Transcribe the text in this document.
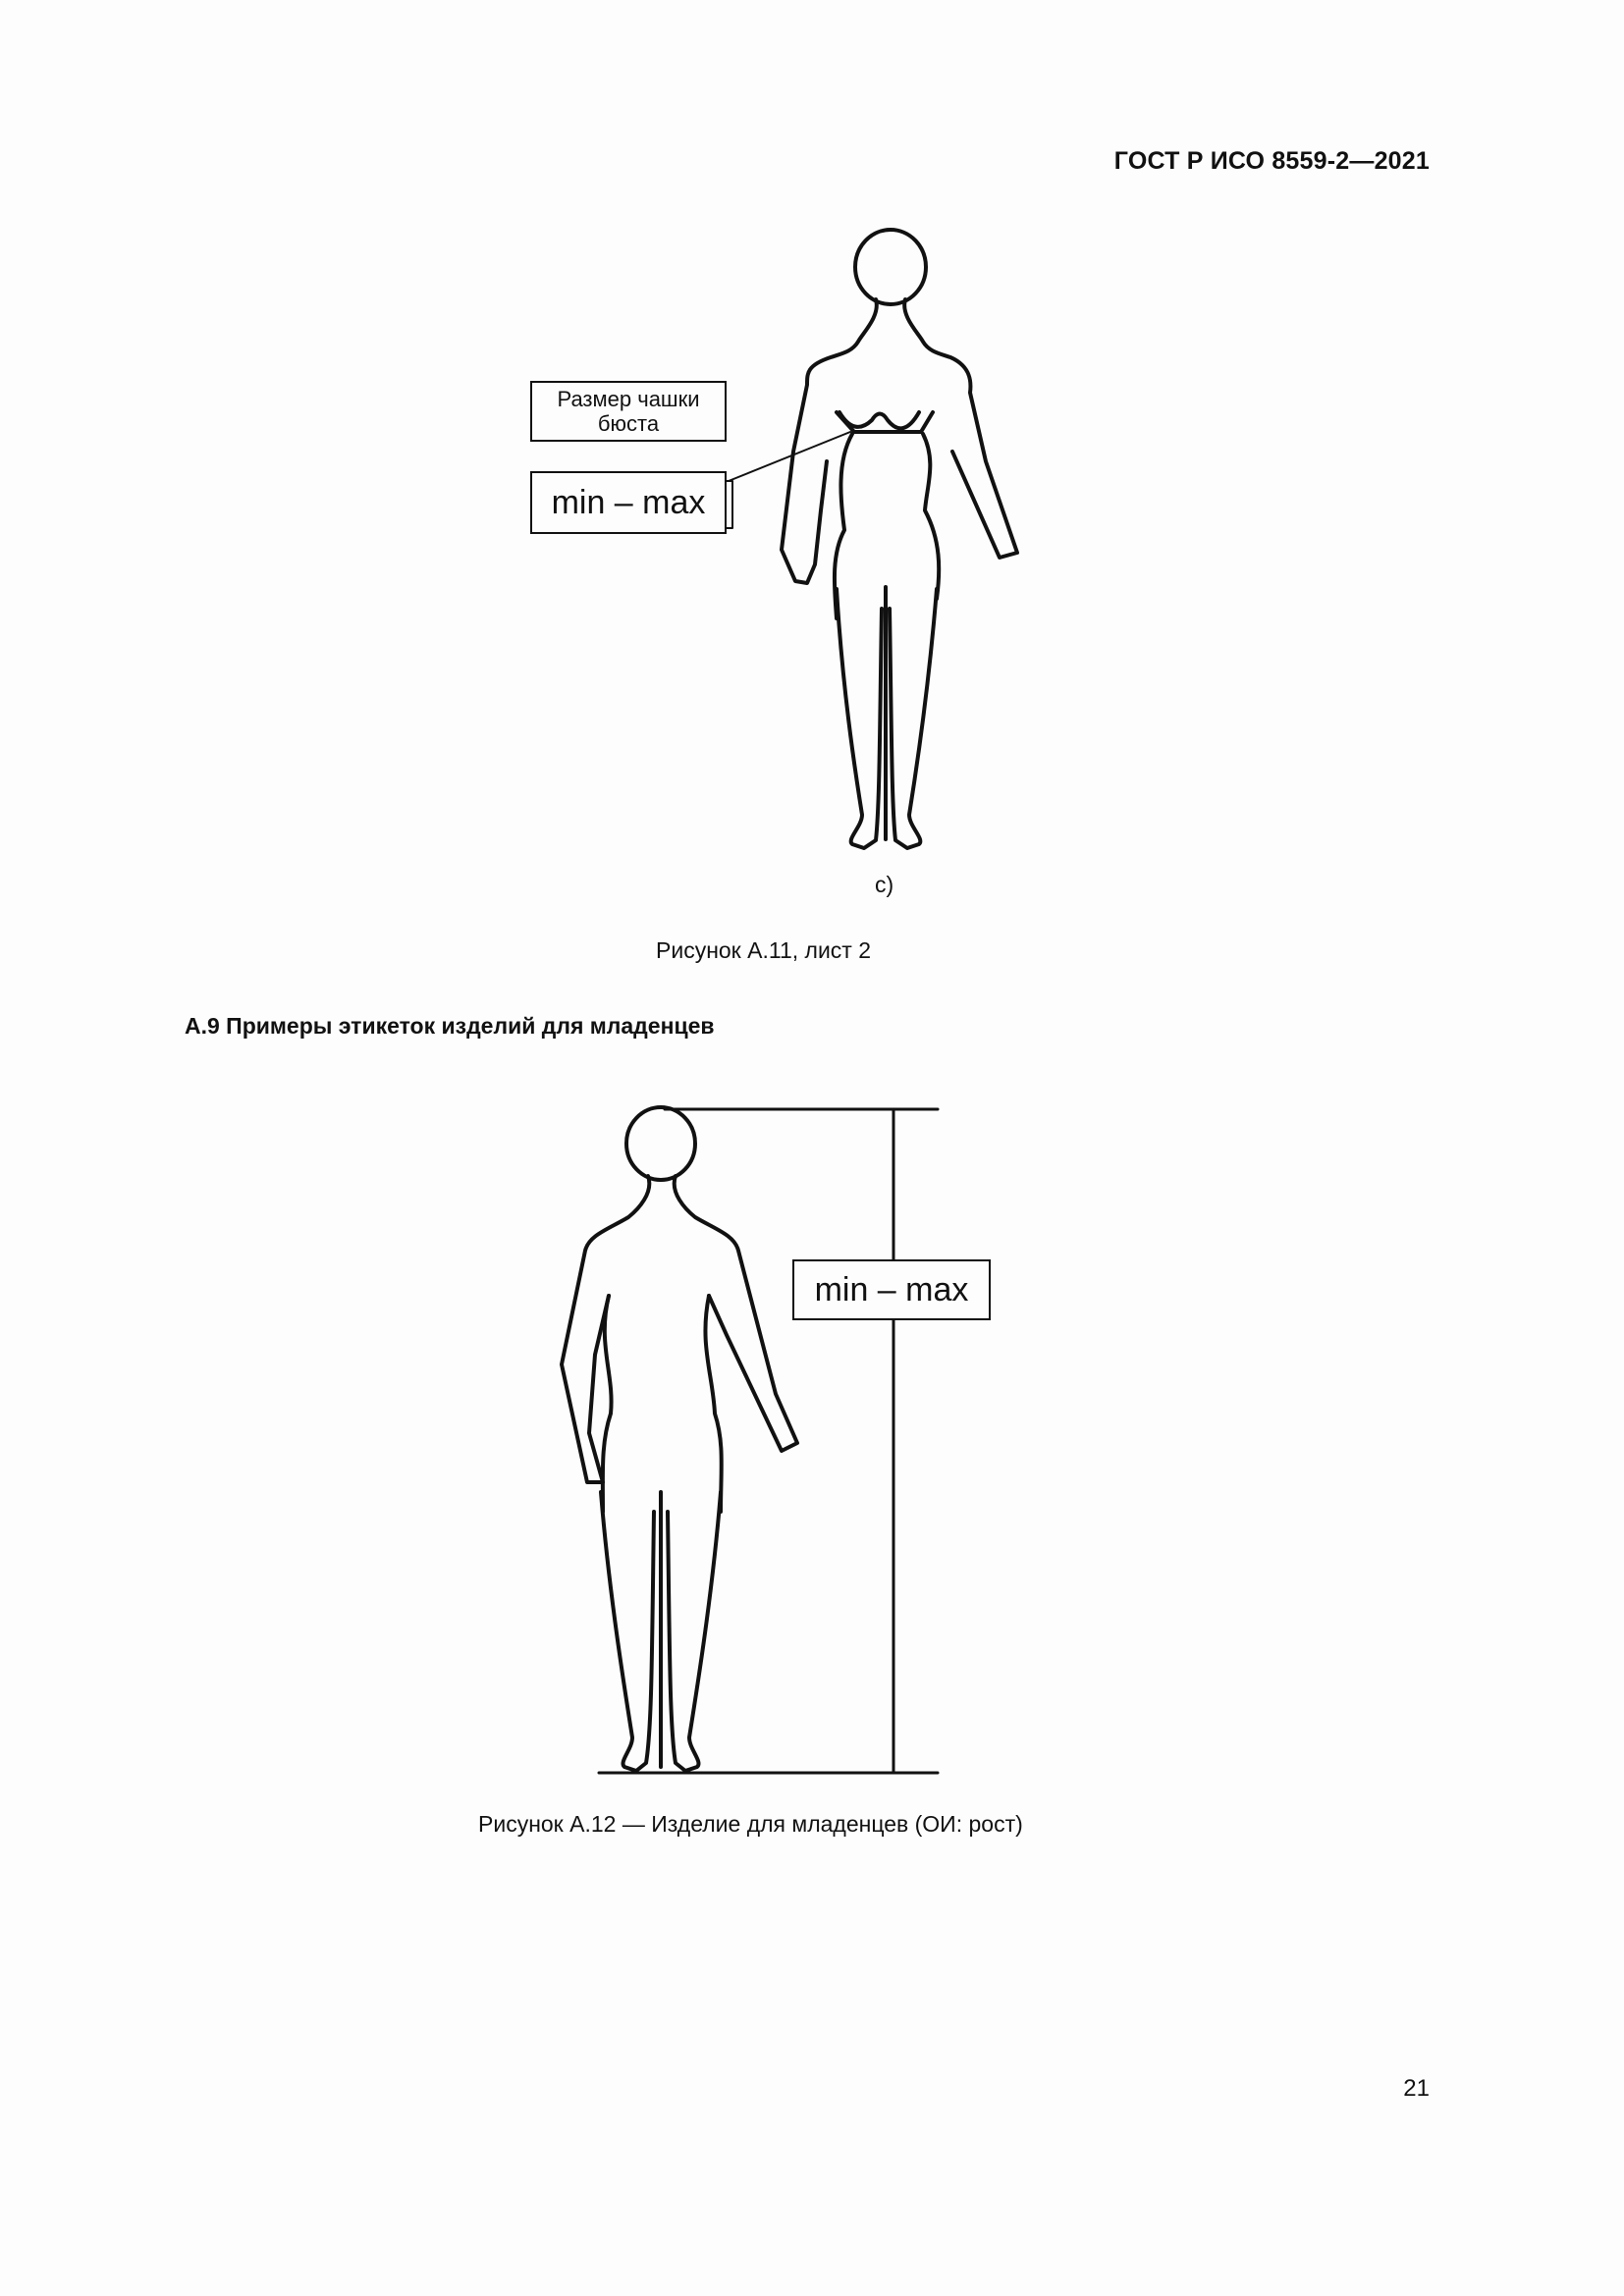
ГОСТ Р ИСО 8559-2—2021
Размер чашки
бюста
min – max
c)
Рисунок А.11, лист 2
А.9 Примеры этикеток изделий для младенцев
min – max
Рисунок А.12 — Изделие для младенцев (ОИ: рост)
21
